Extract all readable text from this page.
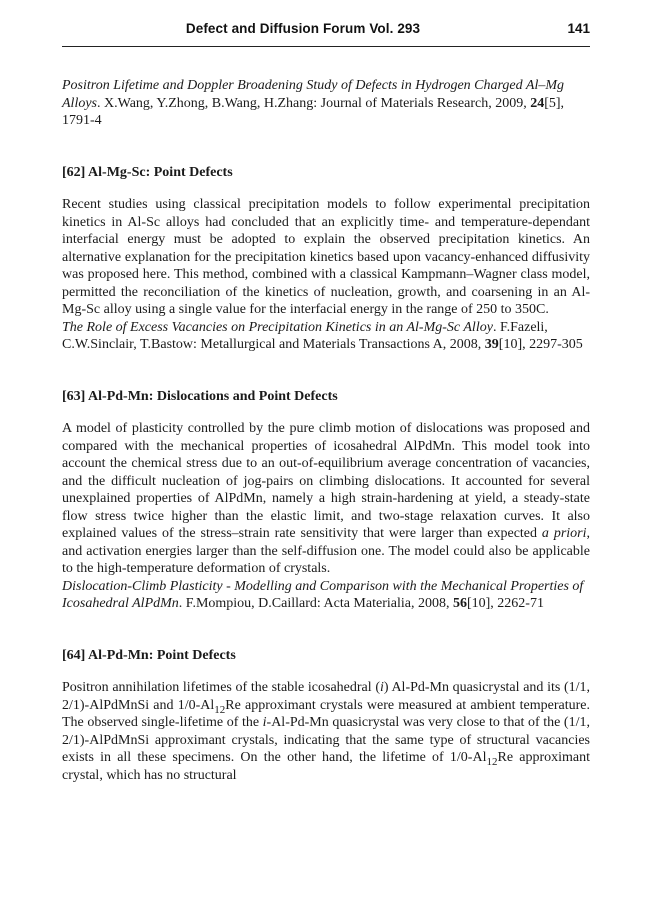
Defect and Diffusion Forum Vol. 293	141

Positron Lifetime and Doppler Broadening Study of Defects in Hydrogen Charged Al–Mg Alloys. X.Wang, Y.Zhong, B.Wang, H.Zhang: Journal of Materials Research, 2009, 24[5], 1791-4

[62] Al-Mg-Sc: Point Defects

Recent studies using classical precipitation models to follow experimental precipitation kinetics in Al-Sc alloys had concluded that an explicitly time- and temperature-dependant interfacial energy must be adopted to explain the observed precipitation kinetics. An alternative explanation for the precipitation kinetics based upon vacancy-enhanced diffusivity was proposed here. This method, combined with a classical Kampmann–Wagner class model, permitted the reconciliation of the kinetics of nucleation, growth, and coarsening in an Al-Mg-Sc alloy using a single value for the interfacial energy in the range of 250 to 350C.

The Role of Excess Vacancies on Precipitation Kinetics in an Al-Mg-Sc Alloy. F.Fazeli, C.W.Sinclair, T.Bastow: Metallurgical and Materials Transactions A, 2008, 39[10], 2297-305

[63] Al-Pd-Mn: Dislocations and Point Defects

A model of plasticity controlled by the pure climb motion of dislocations was proposed and compared with the mechanical properties of icosahedral AlPdMn. This model took into account the chemical stress due to an out-of-equilibrium average concentration of vacancies, and the difficult nucleation of jog-pairs on climbing dislocations. It accounted for several unexplained properties of AlPdMn, namely a high strain-hardening at yield, a steady-state flow stress twice higher than the elastic limit, and two-stage relaxation curves. It also explained values of the stress–strain rate sensitivity that were larger than expected a priori, and activation energies larger than the self-diffusion one. The model could also be applicable to the high-temperature deformation of crystals.

Dislocation-Climb Plasticity - Modelling and Comparison with the Mechanical Properties of Icosahedral AlPdMn. F.Mompiou, D.Caillard: Acta Materialia, 2008, 56[10], 2262-71

[64] Al-Pd-Mn: Point Defects

Positron annihilation lifetimes of the stable icosahedral (i) Al-Pd-Mn quasicrystal and its (1/1, 2/1)-AlPdMnSi and $1/0-Al_{12}Re$ approximant crystals were measured at ambient temperature. The observed single-lifetime of the i-Al-Pd-Mn quasicrystal was very close to that of the (1/1, 2/1)-AlPdMnSi approximant crystals, indicating that the same type of structural vacancies exists in all these specimens. On the other hand, the lifetime of $1/0-Al_{12}Re$ approximant crystal, which has no structural
